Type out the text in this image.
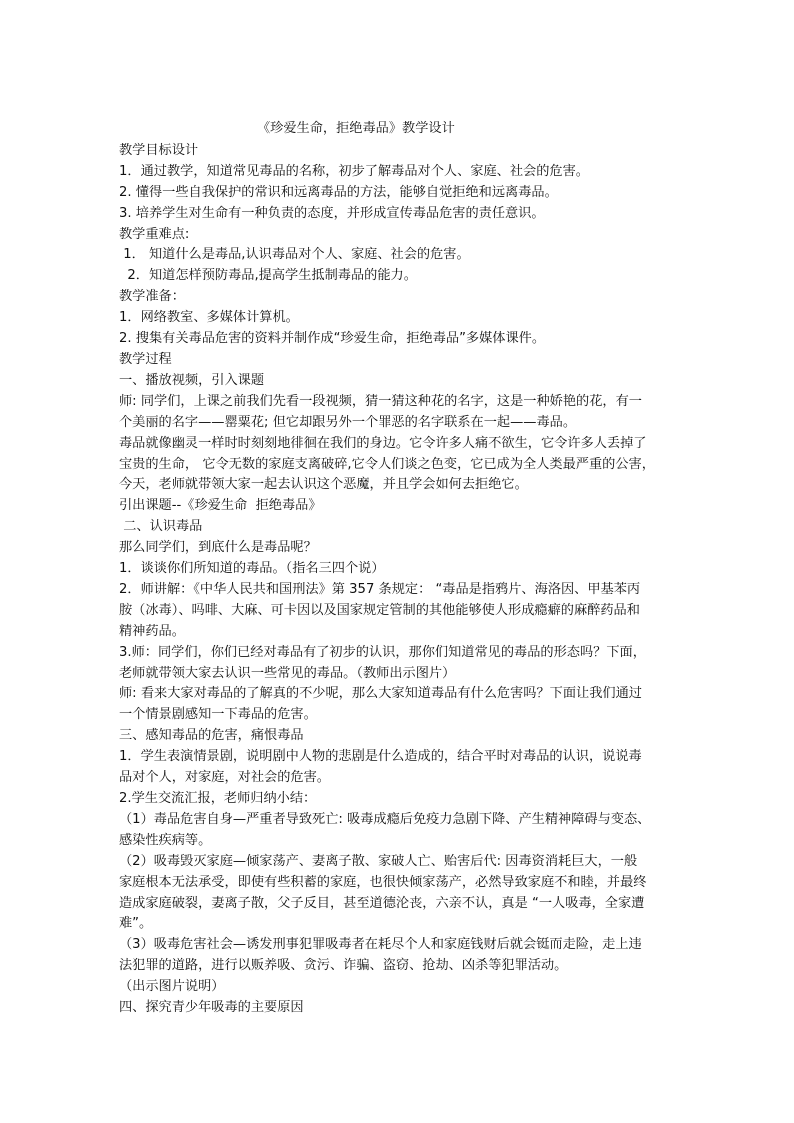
《珍爱生命，拒绝毒品》教学设计
教学目标设计
1．通过教学，知道常见毒品的名称，初步了解毒品对个人、家庭、社会的危害。
2. 懂得一些自我保护的常识和远离毒品的方法，能够自觉拒绝和远离毒品。
3. 培养学生对生命有一种负责的态度，并形成宣传毒品危害的责任意识。
教学重难点:
1． 知道什么是毒品,认识毒品对个人、家庭、社会的危害。
2．知道怎样预防毒品,提高学生抵制毒品的能力。
教学准备：
1．网络教室、多媒体计算机。
2. 搜集有关毒品危害的资料并制作成“珍爱生命，拒绝毒品”多媒体课件。
教学过程
一、播放视频，引入课题
师: 同学们，上课之前我们先看一段视频，猜一猜这种花的名字，这是一种娇艳的花，有一
个美丽的名字——罂粟花; 但它却跟另外一个罪恶的名字联系在一起——毒品。
毒品就像幽灵一样时时刻刻地徘徊在我们的身边。它令许多人痛不欲生，它令许多人丢掉了
宝贵的生命， 它令无数的家庭支离破碎,它令人们谈之色变，它已成为全人类最严重的公害，
今天，老师就带领大家一起去认识这个恶魔，并且学会如何去拒绝它。
引出课题--《珍爱生命  拒绝毒品》
二、认识毒品
那么同学们，到底什么是毒品呢？
1．谈谈你们所知道的毒品。（指名三四个说）
2．师讲解：《中华人民共和国刑法》第 357 条规定： “毒品是指鸦片、海洛因、甲基苯丙
胺（冰毒）、吗啡、大麻、可卡因以及国家规定管制的其他能够使人形成瘾癖的麻醉药品和
精神药品。
3.师：同学们，你们已经对毒品有了初步的认识，那你们知道常见的毒品的形态吗？下面，
老师就带领大家去认识一些常见的毒品。（教师出示图片）
师: 看来大家对毒品的了解真的不少呢，那么大家知道毒品有什么危害吗？下面让我们通过
一个情景剧感知一下毒品的危害。
三、感知毒品的危害，痛恨毒品
1．学生表演情景剧，说明剧中人物的悲剧是什么造成的，结合平时对毒品的认识，说说毒
品对个人，对家庭，对社会的危害。
2.学生交流汇报，老师归纳小结：
（1）毒品危害自身—严重者导致死亡: 吸毒成瘾后免疫力急剧下降、产生精神障碍与变态、
感染性疾病等。
（2）吸毒毁灭家庭—倾家荡产、妻离子散、家破人亡、贻害后代: 因毒资消耗巨大，一般
家庭根本无法承受，即使有些积蓄的家庭，也很快倾家荡产，必然导致家庭不和睦，并最终
造成家庭破裂，妻离子散，父子反目，甚至道德沦丧，六亲不认，真是 “一人吸毒，全家遭
难”。
（3）吸毒危害社会—诱发刑事犯罪吸毒者在耗尽个人和家庭钱财后就会铤而走险，走上违
法犯罪的道路，进行以贩养吸、贪污、诈骗、盗窃、抢劫、凶杀等犯罪活动。
（出示图片说明）
四、探究青少年吸毒的主要原因
